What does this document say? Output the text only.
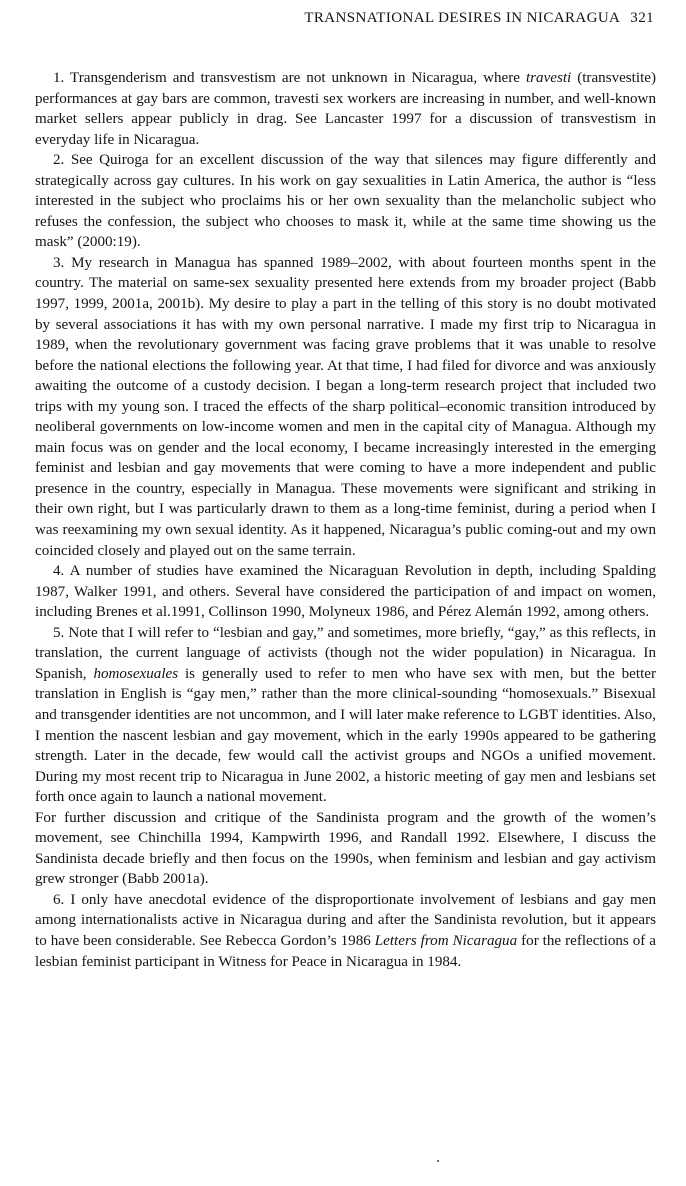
TRANSNATIONAL DESIRES IN NICARAGUA 321

1. Transgenderism and transvestism are not unknown in Nicaragua, where travesti (transvestite) performances at gay bars are common, travesti sex workers are increasing in number, and well-known market sellers appear publicly in drag. See Lancaster 1997 for a discussion of transvestism in everyday life in Nicaragua.

2. See Quiroga for an excellent discussion of the way that silences may figure differently and strategically across gay cultures. In his work on gay sexualities in Latin America, the author is “less interested in the subject who proclaims his or her own sexuality than the melancholic subject who refuses the confession, the subject who chooses to mask it, while at the same time showing us the mask” (2000:19).

3. My research in Managua has spanned 1989–2002, with about fourteen months spent in the country. The material on same-sex sexuality presented here extends from my broader project (Babb 1997, 1999, 2001a, 2001b). My desire to play a part in the telling of this story is no doubt motivated by several associations it has with my own personal narrative. I made my first trip to Nicaragua in 1989, when the revolutionary government was facing grave problems that it was unable to resolve before the national elections the following year. At that time, I had filed for divorce and was anxiously awaiting the outcome of a custody decision. I began a long-term research project that included two trips with my young son. I traced the effects of the sharp political–economic transition introduced by neoliberal governments on low-income women and men in the capital city of Managua. Although my main focus was on gender and the local economy, I became increasingly interested in the emerging feminist and lesbian and gay movements that were coming to have a more independent and public presence in the country, especially in Managua. These movements were significant and striking in their own right, but I was particularly drawn to them as a long-time feminist, during a period when I was reexamining my own sexual identity. As it happened, Nicaragua’s public coming-out and my own coincided closely and played out on the same terrain.

4. A number of studies have examined the Nicaraguan Revolution in depth, including Spalding 1987, Walker 1991, and others. Several have considered the participation of and impact on women, including Brenes et al.1991, Collinson 1990, Molyneux 1986, and Pérez Alemán 1992, among others.

5. Note that I will refer to “lesbian and gay,” and sometimes, more briefly, “gay,” as this reflects, in translation, the current language of activists (though not the wider population) in Nicaragua. In Spanish, homosexuales is generally used to refer to men who have sex with men, but the better translation in English is “gay men,” rather than the more clinical-sounding “homosexuals.” Bisexual and transgender identities are not uncommon, and I will later make reference to LGBT identities. Also, I mention the nascent lesbian and gay movement, which in the early 1990s appeared to be gathering strength. Later in the decade, few would call the activist groups and NGOs a unified movement. During my most recent trip to Nicaragua in June 2002, a historic meeting of gay men and lesbians set forth once again to launch a national movement.

For further discussion and critique of the Sandinista program and the growth of the women’s movement, see Chinchilla 1994, Kampwirth 1996, and Randall 1992. Elsewhere, I discuss the Sandinista decade briefly and then focus on the 1990s, when feminism and lesbian and gay activism grew stronger (Babb 2001a).

6. I only have anecdotal evidence of the disproportionate involvement of lesbians and gay men among internationalists active in Nicaragua during and after the Sandinista revolution, but it appears to have been considerable. See Rebecca Gordon’s 1986 Letters from Nicaragua for the reflections of a lesbian feminist participant in Witness for Peace in Nicaragua in 1984.
